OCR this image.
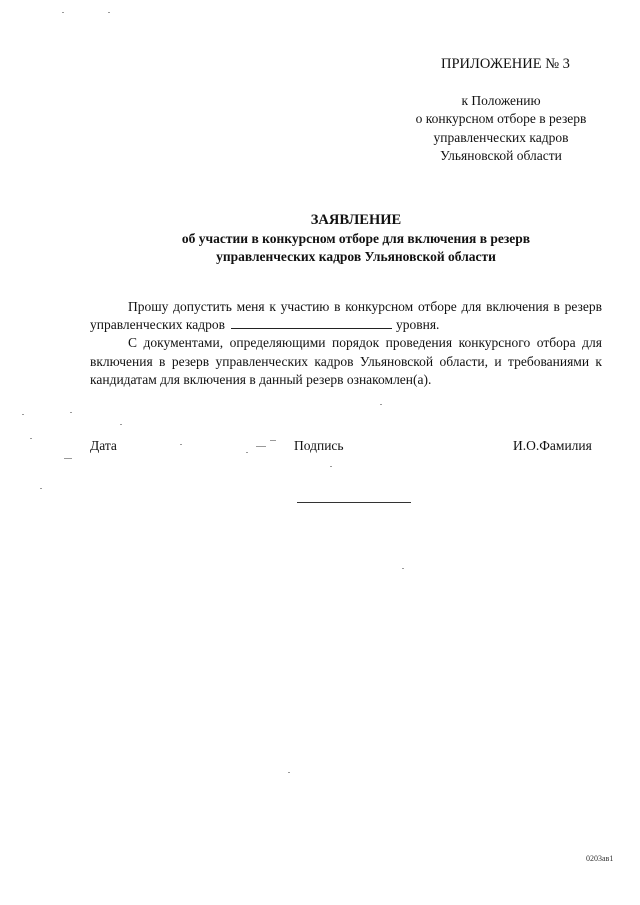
ПРИЛОЖЕНИЕ № 3
к Положению
о конкурсном отборе в резерв
управленческих кадров
Ульяновской области
ЗАЯВЛЕНИЕ
об участии в конкурсном отборе для включения в резерв
управленческих кадров Ульяновской области

Прошу допустить меня к участию в конкурсном отборе для включения в резерв управленческих кадров	уровня.

С документами, определяющими порядок проведения конкурсного отбора для включения в резерв управленческих кадров Ульяновской области, и требованиями к кандидатам для включения в данный резерв ознакомлен(а).

Дата	Подпись	И.О.Фамилия
0203ав1
